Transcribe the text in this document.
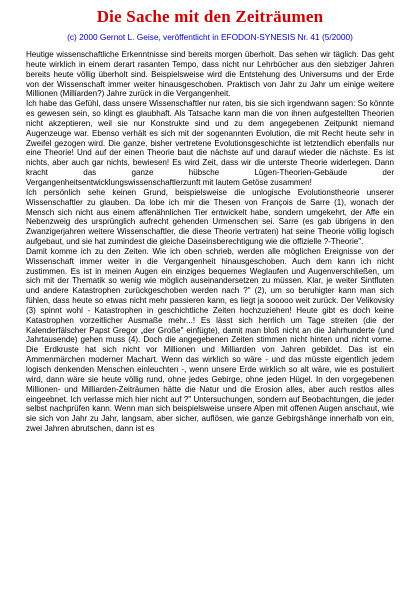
Die Sache mit den Zeiträumen
(c) 2000 Gernot L. Geise, veröffentlicht in EFODON-SYNESIS Nr. 41 (5/2000)

Heutige wissenschaftliche Erkenntnisse sind bereits morgen überholt. Das sehen wir täglich. Das geht heute wirklich in einem derart rasanten Tempo, dass nicht nur Lehrbücher aus den siebziger Jahren bereits heute völlig überholt sind. Beispielsweise wird die Entstehung des Universums und der Erde von der Wissenschaft immer weiter hinausgeschoben. Praktisch von Jahr zu Jahr um einige weitere Millionen (Milliarden?) Jahre zurück in die Vergangenheit.

Ich habe das Gefühl, dass unsere Wissenschaftler nur raten, bis sie sich irgendwann sagen: So könnte es gewesen sein, so klingt es glaubhaft. Als Tatsache kann man die von ihnen aufgestellten Theorien nicht akzeptieren, weil sie nur Konstrukte sind und zu dem angegebenen Zeitpunkt niemand Augenzeuge war. Ebenso verhält es sich mit der sogenannten Evolution, die mit Recht heute sehr in Zweifel gezogen wird. Die ganze, bisher vertretene Evolutionsgeschichte ist letztendlich ebenfalls nur eine Theorie! Und auf der einen Theorie baut die nächste auf und darauf wieder die nächste. Es ist nichts, aber auch gar nichts, bewiesen! Es wird Zeit, dass wir die unterste Theorie widerlegen. Dann kracht das ganze hübsche Lügen-Theorien-Gebäude der Vergangenheitsentwicklungswissenschaftlerzunft mit lautem Getöse zusammen!

Ich persönlich sehe keinen Grund, beispielsweise die unlogische Evolutionstheorie unserer Wissenschaftler zu glauben. Da lobe ich mir die Thesen von François de Sarre (1), wonach der Mensch sich nicht aus einem affenähnlichen Tier entwickelt habe, sondern umgekehrt, der Affe ein Nebenzweig des ursprünglich aufrecht gehenden Urmenschen sei. Sarre (es gab übrigens in den Zwanzigerjahren weitere Wissenschaftler, die diese Theorie vertraten) hat seine Theorie völlig logisch aufgebaut, und sie hat zumindest die gleiche Daseinsberechtigung wie die offizielle ?-Theorie".

Damit komme ich zu den Zeiten. Wie ich oben schrieb, werden alle möglichen Ereignisse von der Wissenschaft immer weiter in die Vergangenheit hinausgeschoben. Auch dem kann ich nicht zustimmen. Es ist in meinen Augen ein einziges bequemes Weglaufen und Augenverschließen, um sich mit der Thematik so wenig wie möglich auseinandersetzen zu müssen. Klar, je weiter Sintfluten und andere Katastrophen zurückgeschoben werden nach ?" (2), um so beruhigter kann man sich fühlen, dass heute so etwas nicht mehr passieren kann, es liegt ja sooooo weit zurück. Der Velikovsky (3) spinnt wohl - Katastrophen in geschichtliche Zeiten hochzuziehen! Heute gibt es doch keine Katastrophen vorzeitlicher Ausmaße mehr...! Es lässt sich herrlich um Tage streiten (die der Kalenderfälscher Papst Gregor „der Große" einfügte), damit man bloß nicht an die Jahrhunderte (und Jahrtausende) gehen muss (4). Doch die angegebenen Zeiten stimmen nicht hinten und nicht vorne. Die Erdkruste hat sich nicht vor Millionen und Milliarden von Jahren gebildet. Das ist ein Ammenmärchen moderner Machart. Wenn das wirklich so wäre - und das müsste eigentlich jedem logisch denkenden Menschen einleuchten -, wenn unsere Erde wirklich so alt wäre, wie es postuliert wird, dann wäre sie heute völlig rund, ohne jedes Gebirge, ohne jeden Hügel. In den vorgegebenen Millionen- und Milliarden-Zeiträumen hätte die Natur und die Erosion alles, aber auch restlos alles eingeebnet. Ich verlasse mich hier nicht auf ?" Untersuchungen, sondern auf Beobachtungen, die jeder selbst nachprüfen kann. Wenn man sich beispielsweise unsere Alpen mit offenen Augen anschaut, wie sie sich von Jahr zu Jahr, langsam, aber sicher, auflösen, wie ganze Gebirgshänge innerhalb von ein, zwei Jahren abrutschen, dann ist es
